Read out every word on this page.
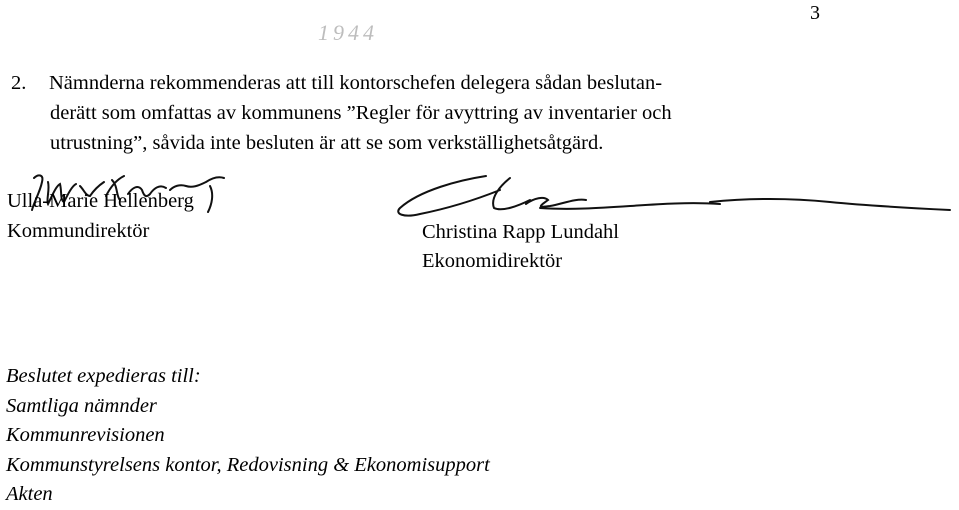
3
1944
2.	Nämnderna rekommenderas att till kontorschefen delegera sådan beslutan-
derätt som omfattas av kommunens ”Regler för avyttring av inventarier och
utrustning”, såvida inte besluten är att se som verkställighetsåtgärd.
Ulla-Marie Hellenberg
Kommundirektör	Christina Rapp Lundahl
Ekonomidirektör
Beslutet expedieras till:
Samtliga nämnder
Kommunrevisionen
Kommunstyrelsens kontor, Redovisning & Ekonomisupport
Akten
